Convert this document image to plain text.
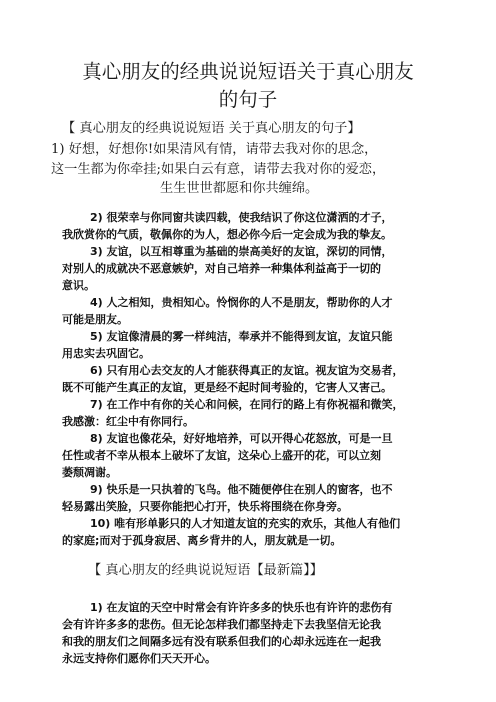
真心朋友的经典说说短语关于真心朋友
的句子
【 真心朋友的经典说说短语 关于真心朋友的句子】
1) 好想，好想你!如果清风有情，请带去我对你的思念，
这一生都为你牵挂;如果白云有意，请带去我对你的爱恋，
生生世世都愿和你共缠绵。
2) 很荣幸与你同窗共读四载，使我结识了你这位潇洒的才子，
我欣赏你的气质，敬佩你的为人，想必你今后一定会成为我的挚友。
3) 友谊，以互相尊重为基础的崇高美好的友谊，深切的同情，
对别人的成就决不恶意嫉妒，对自己培养一种集体利益高于一切的
意识。
4) 人之相知，贵相知心。怜悯你的人不是朋友，帮助你的人才
可能是朋友。
5) 友谊像清晨的雾一样纯洁，奉承并不能得到友谊，友谊只能
用忠实去巩固它。
6) 只有用心去交友的人才能获得真正的友谊。视友谊为交易者，
既不可能产生真正的友谊，更是经不起时间考验的，它害人又害己。
7) 在工作中有你的关心和问候，在同行的路上有你祝福和微笑，
我感激：红尘中有你同行。
8) 友谊也像花朵，好好地培养，可以开得心花怒放，可是一旦
任性或者不幸从根本上破坏了友谊，这朵心上盛开的花，可以立刻
萎颓凋谢。
9) 快乐是一只执着的飞鸟。他不随便停住在别人的窗客，也不
轻易露出笑脸，只要你能把心打开，快乐将围绕在你身旁。
10) 唯有形单影只的人才知道友谊的充实的欢乐，其他人有他们
的家庭;而对于孤身寂居、离乡背井的人，朋友就是一切。
【 真心朋友的经典说说短语【最新篇】】
1) 在友谊的天空中时常会有许许多多的快乐也有许许的悲伤有
会有许许多多的悲伤。但无论怎样我们都坚持走下去我坚信无论我
和我的朋友们之间隔多远有没有联系但我们的心却永远连在一起我
永远支持你们愿你们天天开心。
